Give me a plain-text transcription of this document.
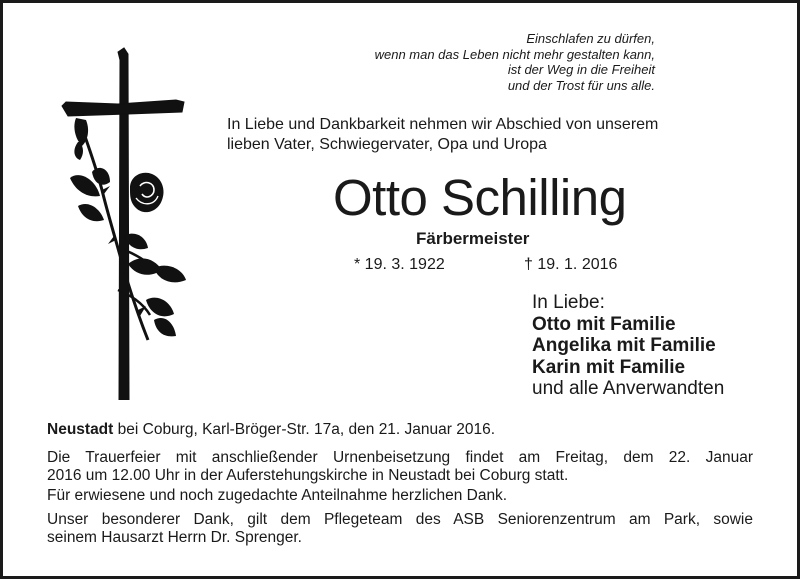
Einschlafen zu dürfen,
wenn man das Leben nicht mehr gestalten kann,
ist der Weg in die Freiheit
und der Trost für uns alle.
In Liebe und Dankbarkeit nehmen wir Abschied von unserem
lieben Vater, Schwiegervater, Opa und Uropa
Otto Schilling
Färbermeister
* 19. 3. 1922	† 19. 1. 2016
In Liebe:
Otto mit Familie
Angelika mit Familie
Karin mit Familie
und alle Anverwandten
Neustadt bei Coburg, Karl-Bröger-Str. 17a, den 21. Januar 2016.
Die Trauerfeier mit anschließender Urnenbeisetzung findet am Freitag, dem 22. Januar
2016 um 12.00 Uhr in der Auferstehungskirche in Neustadt bei Coburg statt.
Für erwiesene und noch zugedachte Anteilnahme herzlichen Dank.
Unser besonderer Dank, gilt dem Pflegeteam des ASB Seniorenzentrum am Park, sowie
seinem Hausarzt Herrn Dr. Sprenger.
